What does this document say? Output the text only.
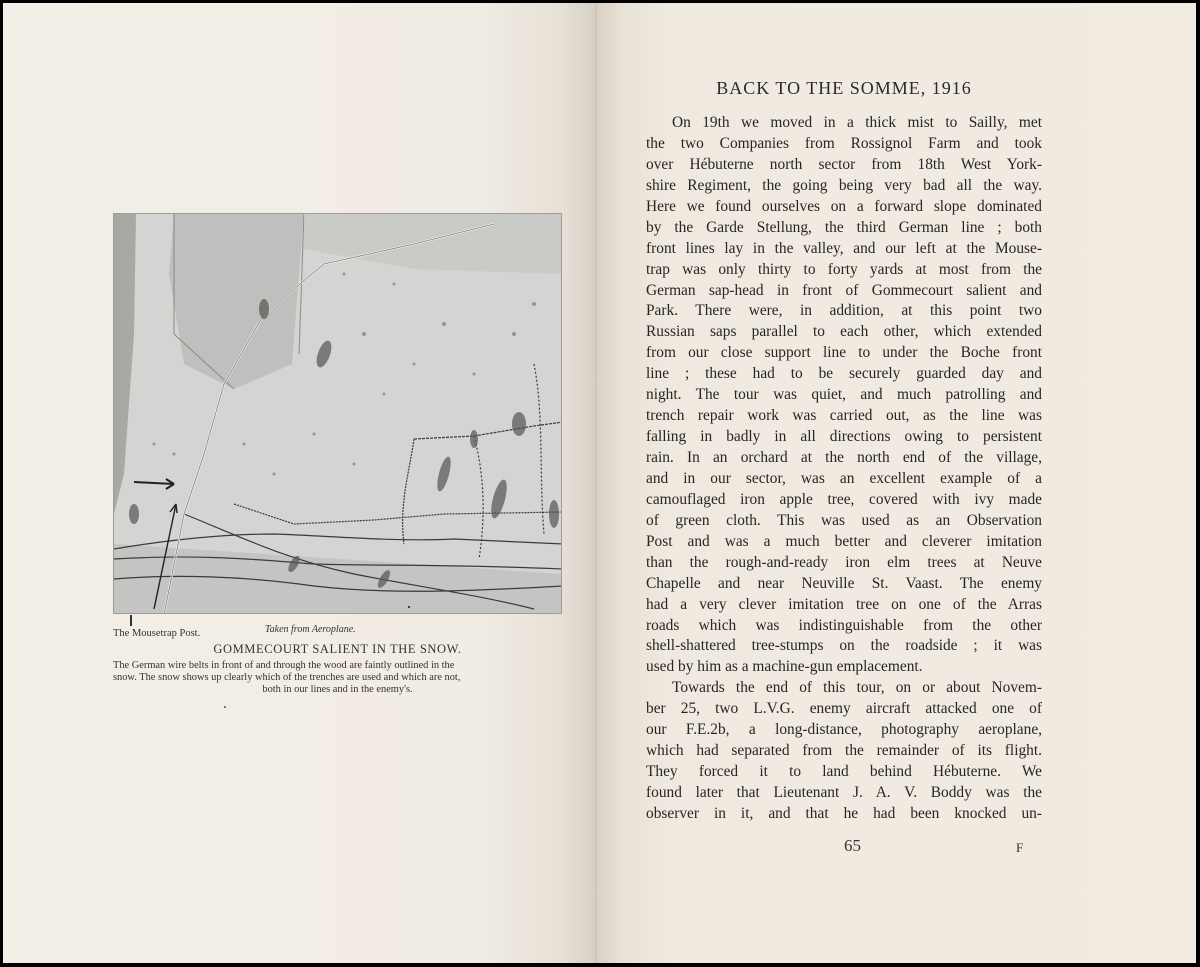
The Mousetrap Post.	Taken from Aeroplane.
GOMMECOURT SALIENT IN THE SNOW.

The German wire belts in front of and through the wood are faintly outlined in the

snow. The snow shows up clearly which of the trenches are used and which are not,

both in our lines and in the enemy's.

BACK TO THE SOMME, 1916
On 19th we moved in a thick mist to Sailly, met
the two Companies from Rossignol Farm and took
over Hébuterne north sector from 18th West York-
shire Regiment, the going being very bad all the way.
Here we found ourselves on a forward slope dominated
by the Garde Stellung, the third German line ; both
front lines lay in the valley, and our left at the Mouse-
trap was only thirty to forty yards at most from the
German sap-head in front of Gommecourt salient and
Park. There were, in addition, at this point two
Russian saps parallel to each other, which extended
from our close support line to under the Boche front
line ; these had to be securely guarded day and
night. The tour was quiet, and much patrolling and
trench repair work was carried out, as the line was
falling in badly in all directions owing to persistent
rain. In an orchard at the north end of the village,
and in our sector, was an excellent example of a
camouflaged iron apple tree, covered with ivy made
of green cloth. This was used as an Observation
Post and was a much better and cleverer imitation
than the rough-and-ready iron elm trees at Neuve
Chapelle and near Neuville St. Vaast. The enemy
had a very clever imitation tree on one of the Arras
roads which was indistinguishable from the other
shell-shattered tree-stumps on the roadside ; it was
used by him as a machine-gun emplacement.
Towards the end of this tour, on or about Novem-
ber 25, two L.V.G. enemy aircraft attacked one of
our F.E.2b, a long-distance, photography aeroplane,
which had separated from the remainder of its flight.
They forced it to land behind Hébuterne. We
found later that Lieutenant J. A. V. Boddy was the
observer in it, and that he had been knocked un-
65	F
